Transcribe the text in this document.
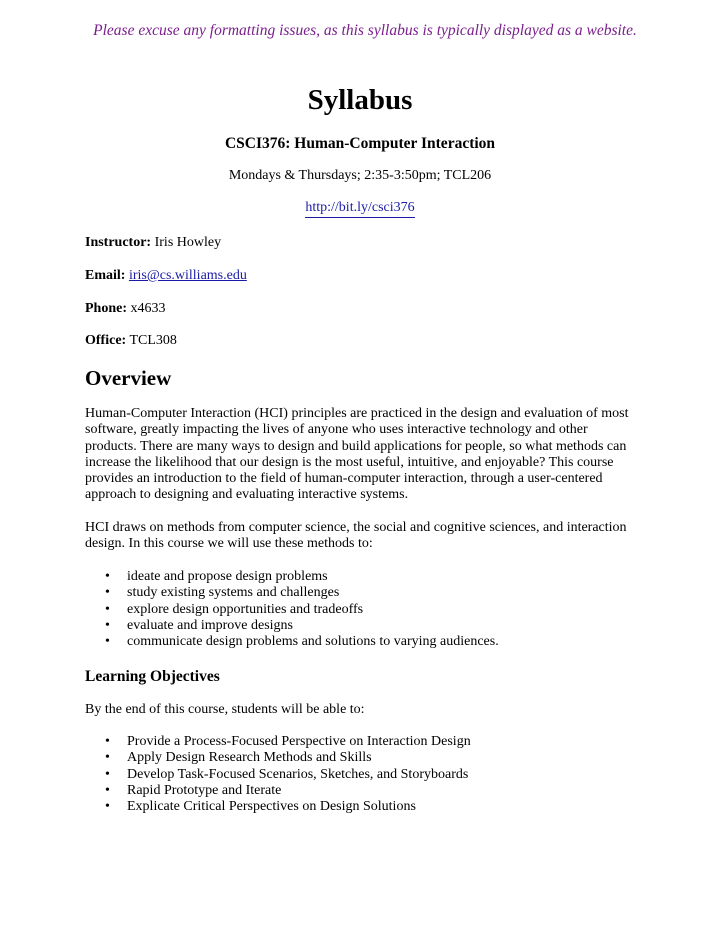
Please excuse any formatting issues, as this syllabus is typically displayed as a website.
Syllabus
CSCI376: Human-Computer Interaction
Mondays & Thursdays; 2:35-3:50pm; TCL206
http://bit.ly/csci376
Instructor: Iris Howley
Email: iris@cs.williams.edu
Phone: x4633
Office: TCL308
Overview
Human-Computer Interaction (HCI) principles are practiced in the design and evaluation of most
software, greatly impacting the lives of anyone who uses interactive technology and other
products. There are many ways to design and build applications for people, so what methods can
increase the likelihood that our design is the most useful, intuitive, and enjoyable? This course
provides an introduction to the field of human-computer interaction, through a user-centered
approach to designing and evaluating interactive systems.
HCI draws on methods from computer science, the social and cognitive sciences, and interaction
design. In this course we will use these methods to:
• ideate and propose design problems
• study existing systems and challenges
• explore design opportunities and tradeoffs
• evaluate and improve designs
• communicate design problems and solutions to varying audiences.
Learning Objectives
By the end of this course, students will be able to:
• Provide a Process-Focused Perspective on Interaction Design
• Apply Design Research Methods and Skills
• Develop Task-Focused Scenarios, Sketches, and Storyboards
• Rapid Prototype and Iterate
• Explicate Critical Perspectives on Design Solutions
